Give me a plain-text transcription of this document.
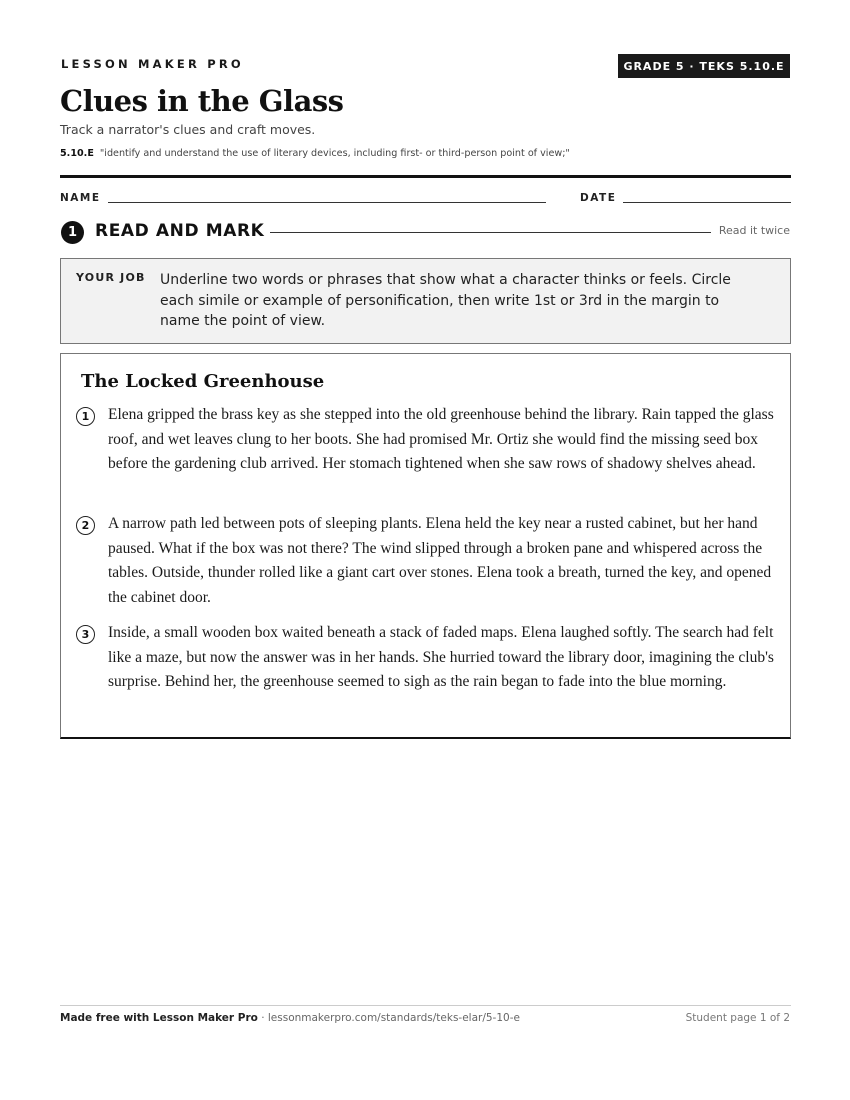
LESSON MAKER PRO	GRADE 5 · TEKS 5.10.E
Clues in the Glass
Track a narrator's clues and craft moves.
5.10.E "identify and understand the use of literary devices, including first- or third-person point of view;"
NAME	DATE
1	READ AND MARK	Read it twice
YOUR JOB Underline two words or phrases that show what a character thinks or feels. Circle each simile or example of personification, then write 1st or 3rd in the margin to name the point of view.
The Locked Greenhouse
1	Elena gripped the brass key as she stepped into the old greenhouse behind the library. Rain tapped the glass roof, and wet leaves clung to her boots. She had promised Mr. Ortiz she would find the missing seed box before the gardening club arrived. Her stomach tightened when she saw rows of shadowy shelves ahead.
2	A narrow path led between pots of sleeping plants. Elena held the key near a rusted cabinet, but her hand paused. What if the box was not there? The wind slipped through a broken pane and whispered across the tables. Outside, thunder rolled like a giant cart over stones. Elena took a breath, turned the key, and opened the cabinet door.
3	Inside, a small wooden box waited beneath a stack of faded maps. Elena laughed softly. The search had felt like a maze, but now the answer was in her hands. She hurried toward the library door, imagining the club's surprise. Behind her, the greenhouse seemed to sigh as the rain began to fade into the blue morning.
Made free with Lesson Maker Pro · lessonmakerpro.com/standards/teks-elar/5-10-e	Student page 1 of 2
